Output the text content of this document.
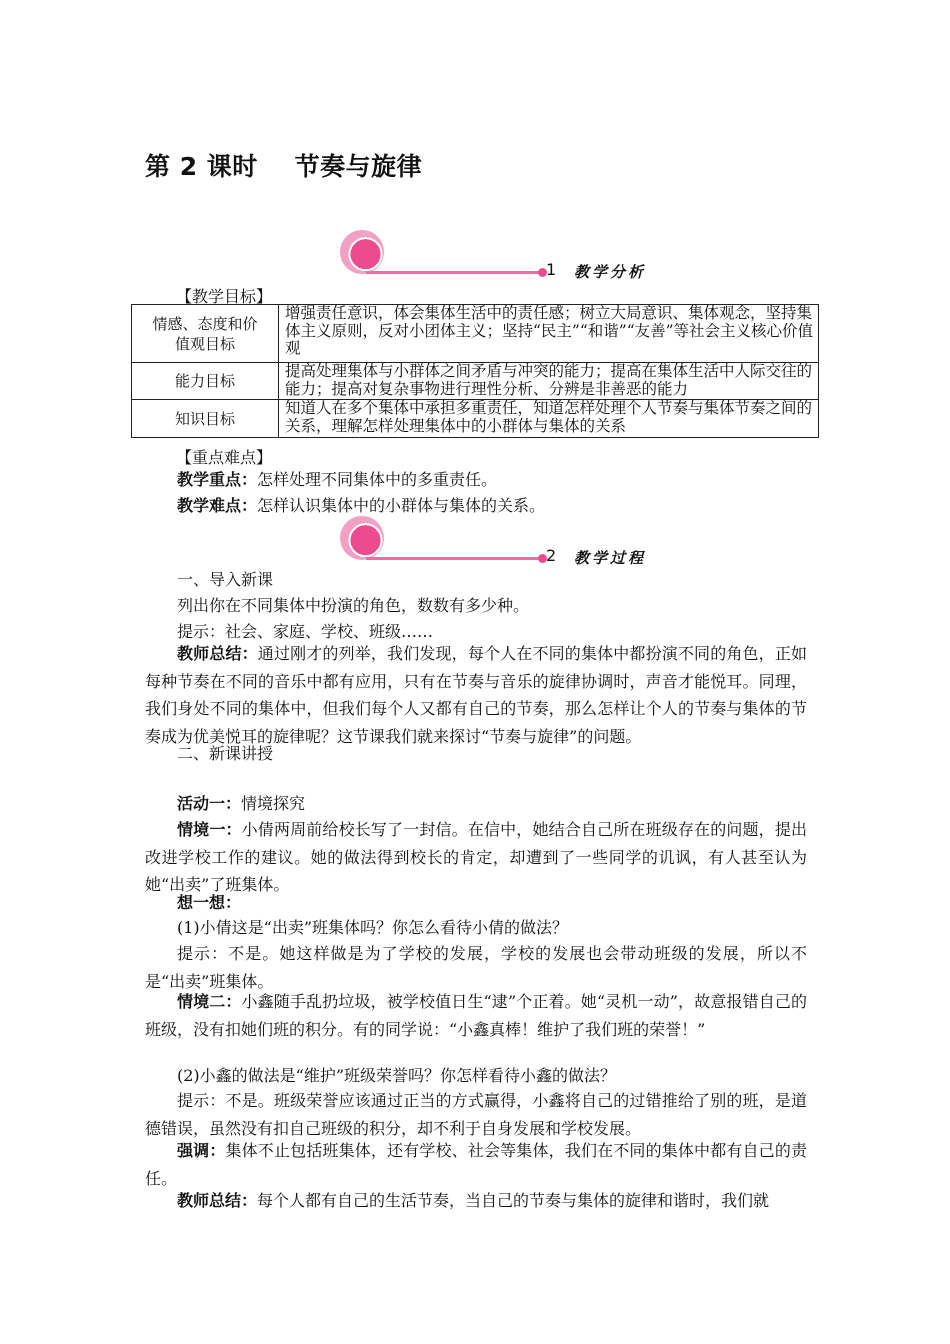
第 2 课时    节奏与旋律
1 教学分析
【教学目标】
情感、态度和价值观目标	增强责任意识，体会集体生活中的责任感；树立大局意识、集体观念，坚持集体主义原则，反对小团体主义；坚持“民主”“和谐”“友善”等社会主义核心价值观
能力目标	提高处理集体与小群体之间矛盾与冲突的能力；提高在集体生活中人际交往的能力；提高对复杂事物进行理性分析、分辨是非善恶的能力
知识目标	知道人在多个集体中承担多重责任，知道怎样处理个人节奏与集体节奏之间的关系，理解怎样处理集体中的小群体与集体的关系
【重点难点】

教学重点：怎样处理不同集体中的多重责任。

教学难点：怎样认识集体中的小群体与集体的关系。

2 教学过程

一、导入新课

列出你在不同集体中扮演的角色，数数有多少种。

提示：社会、家庭、学校、班级……

教师总结：通过刚才的列举，我们发现，每个人在不同的集体中都扮演不同的角色，正如每种节奏在不同的音乐中都有应用，只有在节奏与音乐的旋律协调时，声音才能悦耳。同理，我们身处不同的集体中，但我们每个人又都有自己的节奏，那么怎样让个人的节奏与集体的节奏成为优美悦耳的旋律呢？这节课我们就来探讨“节奏与旋律”的问题。

二、新课讲授

活动一：情境探究

情境一：小倩两周前给校长写了一封信。在信中，她结合自己所在班级存在的问题，提出改进学校工作的建议。她的做法得到校长的肯定，却遭到了一些同学的讥讽，有人甚至认为她“出卖”了班集体。

想一想：

(1)小倩这是“出卖”班集体吗？你怎么看待小倩的做法？

提示：不是。她这样做是为了学校的发展，学校的发展也会带动班级的发展，所以不是“出卖”班集体。

情境二：小鑫随手乱扔垃圾，被学校值日生“逮”个正着。她“灵机一动”，故意报错自己的班级，没有扣她们班的积分。有的同学说：“小鑫真棒！维护了我们班的荣誉！”

(2)小鑫的做法是“维护”班级荣誉吗？你怎样看待小鑫的做法？

提示：不是。班级荣誉应该通过正当的方式赢得，小鑫将自己的过错推给了别的班，是道德错误，虽然没有扣自己班级的积分，却不利于自身发展和学校发展。

强调：集体不止包括班集体，还有学校、社会等集体，我们在不同的集体中都有自己的责任。

教师总结：每个人都有自己的生活节奏，当自己的节奏与集体的旋律和谐时，我们就
